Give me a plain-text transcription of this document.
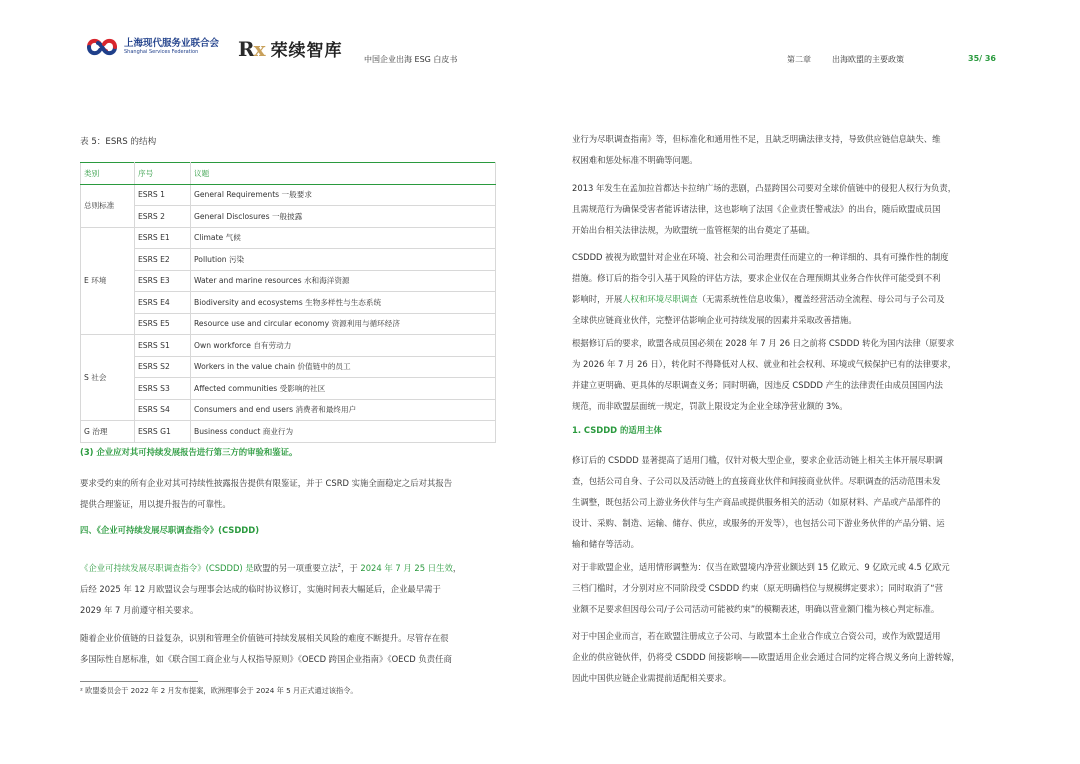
上海现代服务业联合会
Shanghai Services Federation	Rx 荣续智库	中国企业出海 ESG 白皮书	第二章	出海欧盟的主要政策	35/ 36
表 5：ESRS 的结构
类别	序号	议题
总则标准	ESRS 1	General Requirements 一般要求
	ESRS 2	General Disclosures 一般披露
E 环境	ESRS E1	Climate 气候
	ESRS E2	Pollution 污染
	ESRS E3	Water and marine resources 水和海洋资源
	ESRS E4	Biodiversity and ecosystems 生物多样性与生态系统
	ESRS E5	Resource use and circular economy 资源利用与循环经济
S 社会	ESRS S1	Own workforce 自有劳动力
	ESRS S2	Workers in the value chain 价值链中的员工
	ESRS S3	Affected communities 受影响的社区
	ESRS S4	Consumers and end users 消费者和最终用户
G 治理	ESRS G1	Business conduct 商业行为
(3) 企业应对其可持续发展报告进行第三方的审验和鉴证。
要求受约束的所有企业对其可持续性披露报告提供有限鉴证，并于 CSRD 实施全面稳定之后对其报告
提供合理鉴证，用以提升报告的可靠性。
四、《企业可持续发展尽职调查指令》(CSDDD)
《企业可持续发展尽职调查指令》(CSDDD) 是欧盟的另一项重要立法$^2$，于 2024 年 7 月 25 日生效，
后经 2025 年 12 月欧盟议会与理事会达成的临时协议修订，实施时间表大幅延后，企业最早需于
2029 年 7 月前遵守相关要求。
随着企业价值链的日益复杂，识别和管理全价值链可持续发展相关风险的难度不断提升。尽管存在很
多国际性自愿标准，如《联合国工商企业与人权指导原则》《OECD 跨国企业指南》《OECD 负责任商
² 欧盟委员会于 2022 年 2 月发布提案，欧洲理事会于 2024 年 5 月正式通过该指令。
业行为尽职调查指南》等，但标准化和通用性不足，且缺乏明确法律支持，导致供应链信息缺失、维
权困难和惩处标准不明确等问题。
2013 年发生在孟加拉首都达卡拉纳广场的悲剧，凸显跨国公司要对全球价值链中的侵犯人权行为负责，
且需规范行为确保受害者能诉诸法律，这也影响了法国《企业责任警戒法》的出台，随后欧盟成员国
开始出台相关法律法规，为欧盟统一监管框架的出台奠定了基础。
CSDDD 被视为欧盟针对企业在环境、社会和公司治理责任而建立的一种详细的、具有可操作性的制度
措施。修订后的指令引入基于风险的评估方法，要求企业仅在合理预期其业务合作伙伴可能受到不利
影响时，开展人权和环境尽职调查（无需系统性信息收集），覆盖经营活动全流程、母公司与子公司及
全球供应链商业伙伴，完整评估影响企业可持续发展的因素并采取改善措施。
根据修订后的要求，欧盟各成员国必须在 2028 年 7 月 26 日之前将 CSDDD 转化为国内法律（原要求
为 2026 年 7 月 26 日），转化时不得降低对人权、就业和社会权利、环境或气候保护已有的法律要求，
并建立更明确、更具体的尽职调查义务；同时明确，因违反 CSDDD 产生的法律责任由成员国国内法
规范，而非欧盟层面统一规定，罚款上限设定为企业全球净营业额的 3%。
1. CSDDD 的适用主体
修订后的 CSDDD 显著提高了适用门槛，仅针对极大型企业，要求企业活动链上相关主体开展尽职调
查，包括公司自身、子公司以及活动链上的直接商业伙伴和间接商业伙伴。尽职调查的活动范围未发
生调整，既包括公司上游业务伙伴与生产商品或提供服务相关的活动（如原材料、产品或产品部件的
设计、采购、制造、运输、储存、供应，或服务的开发等），也包括公司下游业务伙伴的产品分销、运
输和储存等活动。
对于非欧盟企业，适用情形调整为：仅当在欧盟境内净营业额达到 15 亿欧元、9 亿欧元或 4.5 亿欧元
三档门槛时，才分别对应不同阶段受 CSDDD 约束（原无明确档位与规模绑定要求）；同时取消了“营
业额不足要求但因母公司/子公司活动可能被约束”的模糊表述，明确以营业额门槛为核心判定标准。
对于中国企业而言，若在欧盟注册成立子公司、与欧盟本土企业合作成立合资公司，或作为欧盟适用
企业的供应链伙伴，仍将受 CSDDD 间接影响——欧盟适用企业会通过合同约定将合规义务向上游转嫁，
因此中国供应链企业需提前适配相关要求。
